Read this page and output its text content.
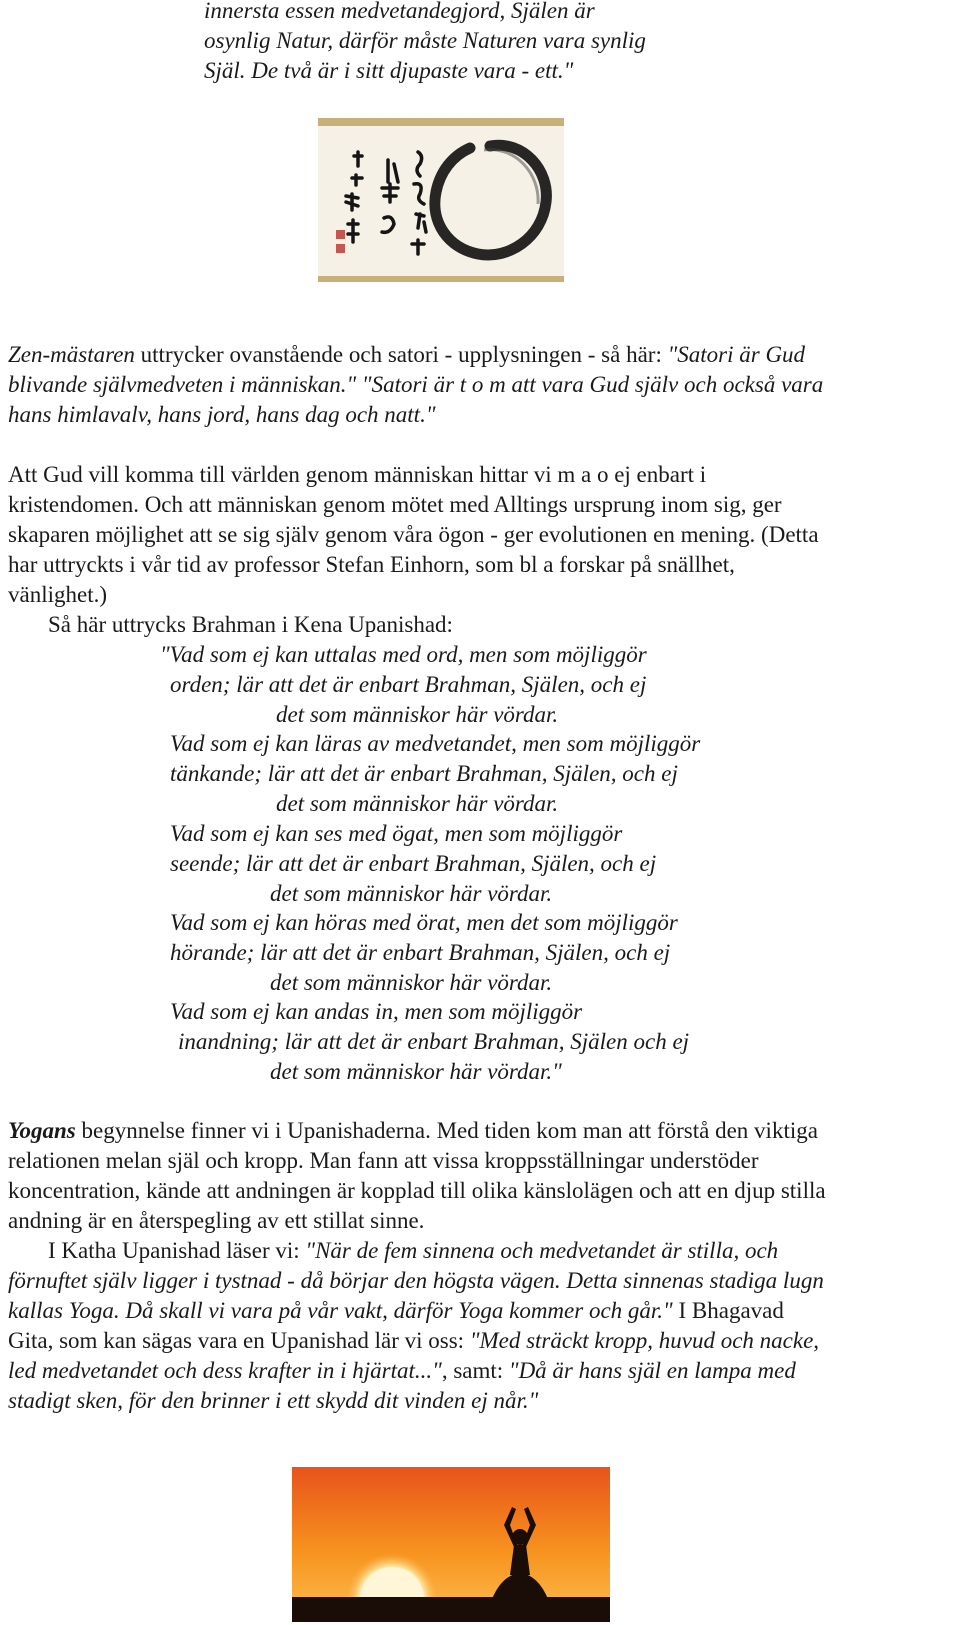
innersta essen medvetandegjord, Själen är
osynlig Natur, därför måste Naturen vara synlig
Själ. De två är i sitt djupaste vara - ett."
Zen-mästaren uttrycker ovanstående och satori - upplysningen - så här: "Satori är Gud
blivande självmedveten i människan." "Satori är t o m att vara Gud själv och också vara
hans himlavalv, hans jord, hans dag och natt."
Att Gud vill komma till världen genom människan hittar vi m a o ej enbart i
kristendomen. Och att människan genom mötet med Alltings ursprung inom sig, ger
skaparen möjlighet att se sig själv genom våra ögon - ger evolutionen en mening. (Detta
har uttryckts i vår tid av professor Stefan Einhorn, som bl a forskar på snällhet,
vänlighet.)
Så här uttrycks Brahman i Kena Upanishad:
"Vad som ej kan uttalas med ord, men som möjliggör
orden; lär att det är enbart Brahman, Själen, och ej
det som människor här vördar.
Vad som ej kan läras av medvetandet, men som möjliggör
tänkande; lär att det är enbart Brahman, Själen, och ej
det som människor här vördar.
Vad som ej kan ses med ögat, men som möjliggör
seende; lär att det är enbart Brahman, Själen, och ej
det som människor här vördar.
Vad som ej kan höras med örat, men det som möjliggör
hörande; lär att det är enbart Brahman, Själen, och ej
det som människor här vördar.
Vad som ej kan andas in, men som möjliggör
inandning; lär att det är enbart Brahman, Själen och ej
det som människor här vördar."
Yogans begynnelse finner vi i Upanishaderna. Med tiden kom man att förstå den viktiga
relationen melan själ och kropp. Man fann att vissa kroppsställningar understöder
koncentration, kände att andningen är kopplad till olika känslolägen och att en djup stilla
andning är en återspegling av ett stillat sinne.
I Katha Upanishad läser vi: "När de fem sinnena och medvetandet är stilla, och
förnuftet själv ligger i tystnad - då börjar den högsta vägen. Detta sinnenas stadiga lugn
kallas Yoga. Då skall vi vara på vår vakt, därför Yoga kommer och går." I Bhagavad
Gita, som kan sägas vara en Upanishad lär vi oss: "Med sträckt kropp, huvud och nacke,
led medvetandet och dess krafter in i hjärtat...", samt: "Då är hans själ en lampa med
stadigt sken, för den brinner i ett skydd dit vinden ej når."
